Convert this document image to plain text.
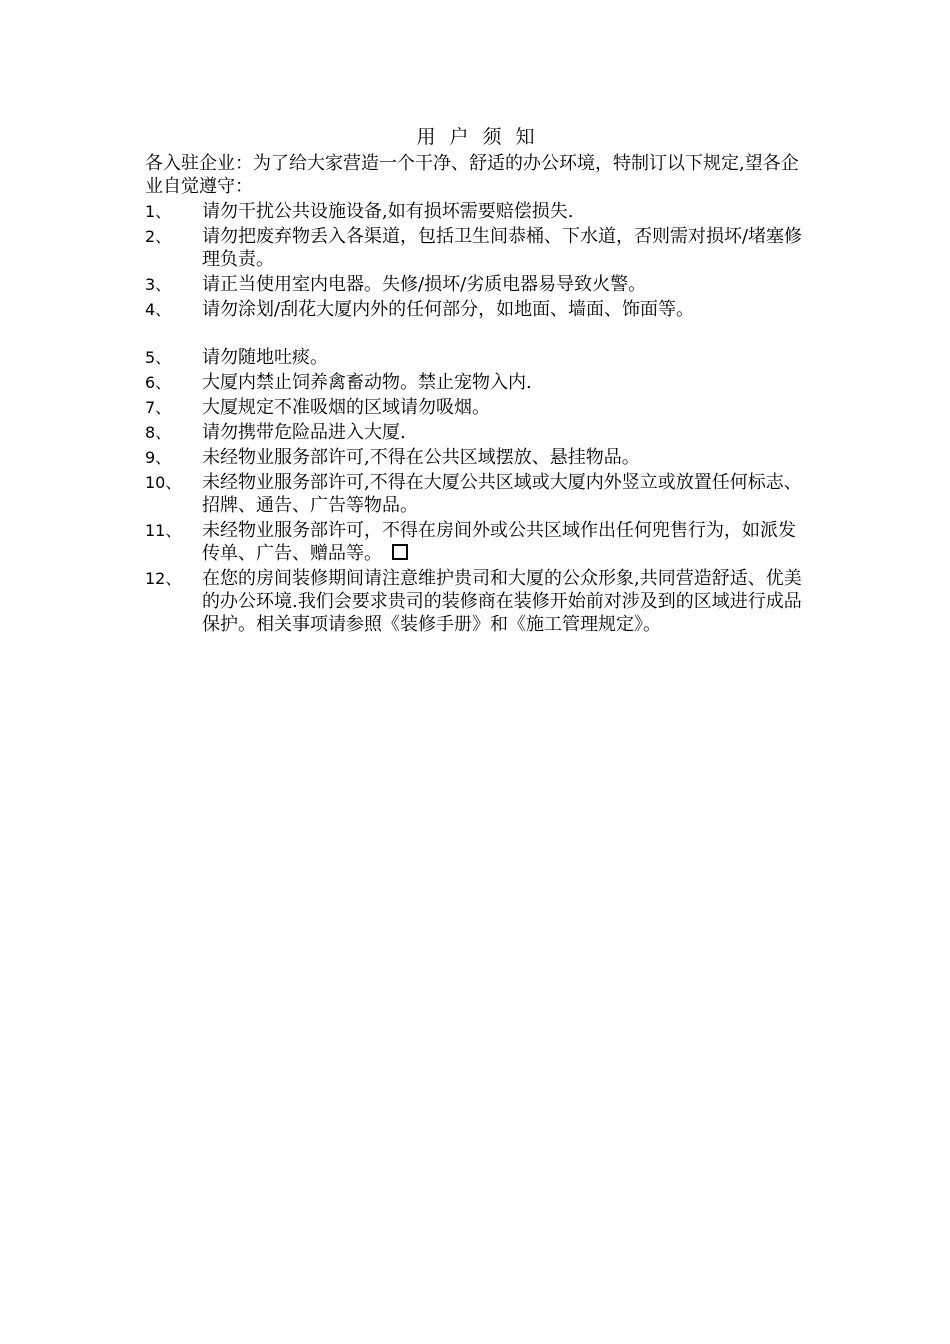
用 户 须 知
各入驻企业：为了给大家营造一个干净、舒适的办公环境，特制订以下规定,望各企业自觉遵守：
1、	请勿干扰公共设施设备,如有损坏需要赔偿损失.
2、	请勿把废弃物丢入各渠道，包括卫生间恭桶、下水道，否则需对损坏/堵塞修理负责。
3、	请正当使用室内电器。失修/损坏/劣质电器易导致火警。
4、	请勿涂划/刮花大厦内外的任何部分，如地面、墙面、饰面等。
5、	请勿随地吐痰。
6、	大厦内禁止饲养禽畜动物。禁止宠物入内.
7、	大厦规定不准吸烟的区域请勿吸烟。
8、	请勿携带危险品进入大厦.
9、	未经物业服务部许可,不得在公共区域摆放、悬挂物品。
10、	未经物业服务部许可,不得在大厦公共区域或大厦内外竖立或放置任何标志、招牌、通告、广告等物品。
11、	未经物业服务部许可，不得在房间外或公共区域作出任何兜售行为，如派发传单、广告、赠品等。
12、	在您的房间装修期间请注意维护贵司和大厦的公众形象,共同营造舒适、优美的办公环境.我们会要求贵司的装修商在装修开始前对涉及到的区域进行成品保护。相关事项请参照《装修手册》和《施工管理规定》。
